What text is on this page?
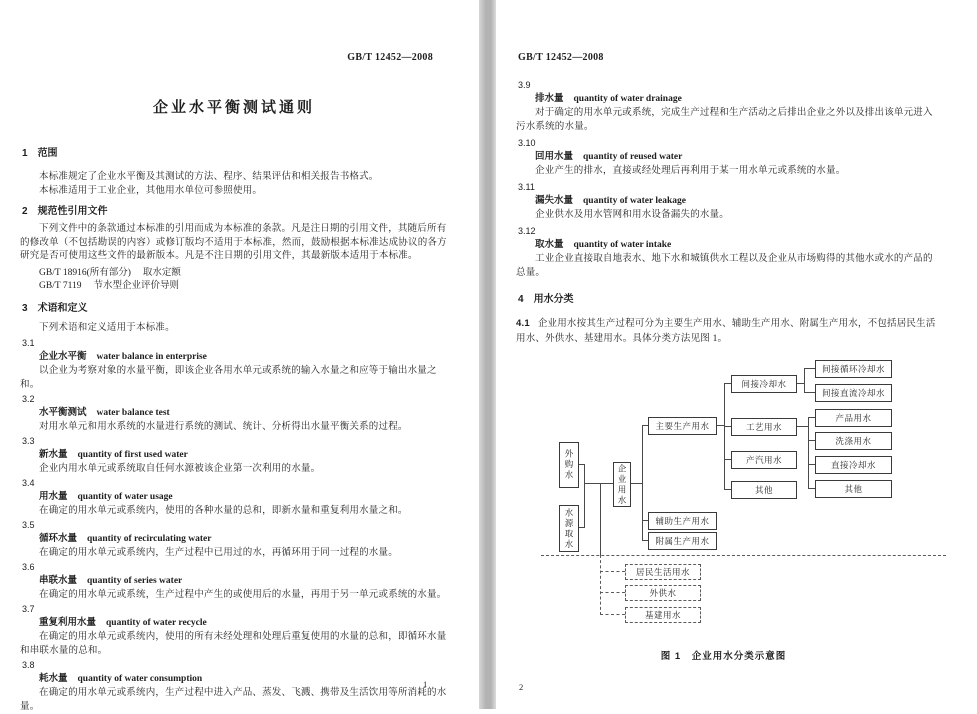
GB/T 12452—2008
企业水平衡测试通则
1 范围

本标准规定了企业水平衡及其测试的方法、程序、结果评估和相关报告书格式。

本标准适用于工业企业，其他用水单位可参照使用。

2 规范性引用文件

下列文件中的条款通过本标准的引用而成为本标准的条款。凡是注日期的引用文件，其随后所有的修改单（不包括勘误的内容）或修订版均不适用于本标准，然而，鼓励根据本标准达成协议的各方研究是否可使用这些文件的最新版本。凡是不注日期的引用文件，其最新版本适用于本标准。

GB/T 18916(所有部分) 取水定额
GB/T 7119 节水型企业评价导则
3 术语和定义

下列术语和定义适用于本标准。

3.1
企业水平衡 water balance in enterprise

以企业为考察对象的水量平衡，即该企业各用水单元或系统的输入水量之和应等于输出水量之和。

3.2
水平衡测试 water balance test

对用水单元和用水系统的水量进行系统的测试、统计、分析得出水量平衡关系的过程。

3.3
新水量 quantity of first used water

企业内用水单元或系统取自任何水源被该企业第一次利用的水量。

3.4
用水量 quantity of water usage

在确定的用水单元或系统内，使用的各种水量的总和，即新水量和重复利用水量之和。

3.5
循环水量 quantity of recirculating water

在确定的用水单元或系统内，生产过程中已用过的水，再循环用于同一过程的水量。

3.6
串联水量 quantity of series water

在确定的用水单元或系统，生产过程中产生的或使用后的水量，再用于另一单元或系统的水量。

3.7
重复利用水量 quantity of water recycle

在确定的用水单元或系统内，使用的所有未经处理和处理后重复使用的水量的总和，即循环水量和串联水量的总和。

3.8
耗水量 quantity of water consumption

在确定的用水单元或系统内，生产过程中进入产品、蒸发、飞溅、携带及生活饮用等所消耗的水量。

1
GB/T 12452—2008
3.9
排水量 quantity of water drainage

对于确定的用水单元或系统，完成生产过程和生产活动之后排出企业之外以及排出该单元进入污水系统的水量。

3.10
回用水量 quantity of reused water

企业产生的排水，直接或经处理后再利用于某一用水单元或系统的水量。

3.11
漏失水量 quantity of water leakage

企业供水及用水管网和用水设备漏失的水量。

3.12
取水量 quantity of water intake

工业企业直接取自地表水、地下水和城镇供水工程以及企业从市场购得的其他水或水的产品的总量。

4 用水分类

4.1 企业用水按其生产过程可分为主要生产用水、辅助生产用水、附属生产用水，不包括居民生活用水、外供水、基建用水。具体分类方法见图 1。

外购水
水源取水
企业用水
主要生产用水
辅助生产用水
附属生产用水
间接冷却水
工艺用水
产汽用水
其他
间接循环冷却水
间接直流冷却水
产品用水
洗涤用水
直接冷却水
其他
居民生活用水
外供水
基建用水
图 1　企业用水分类示意图
2
